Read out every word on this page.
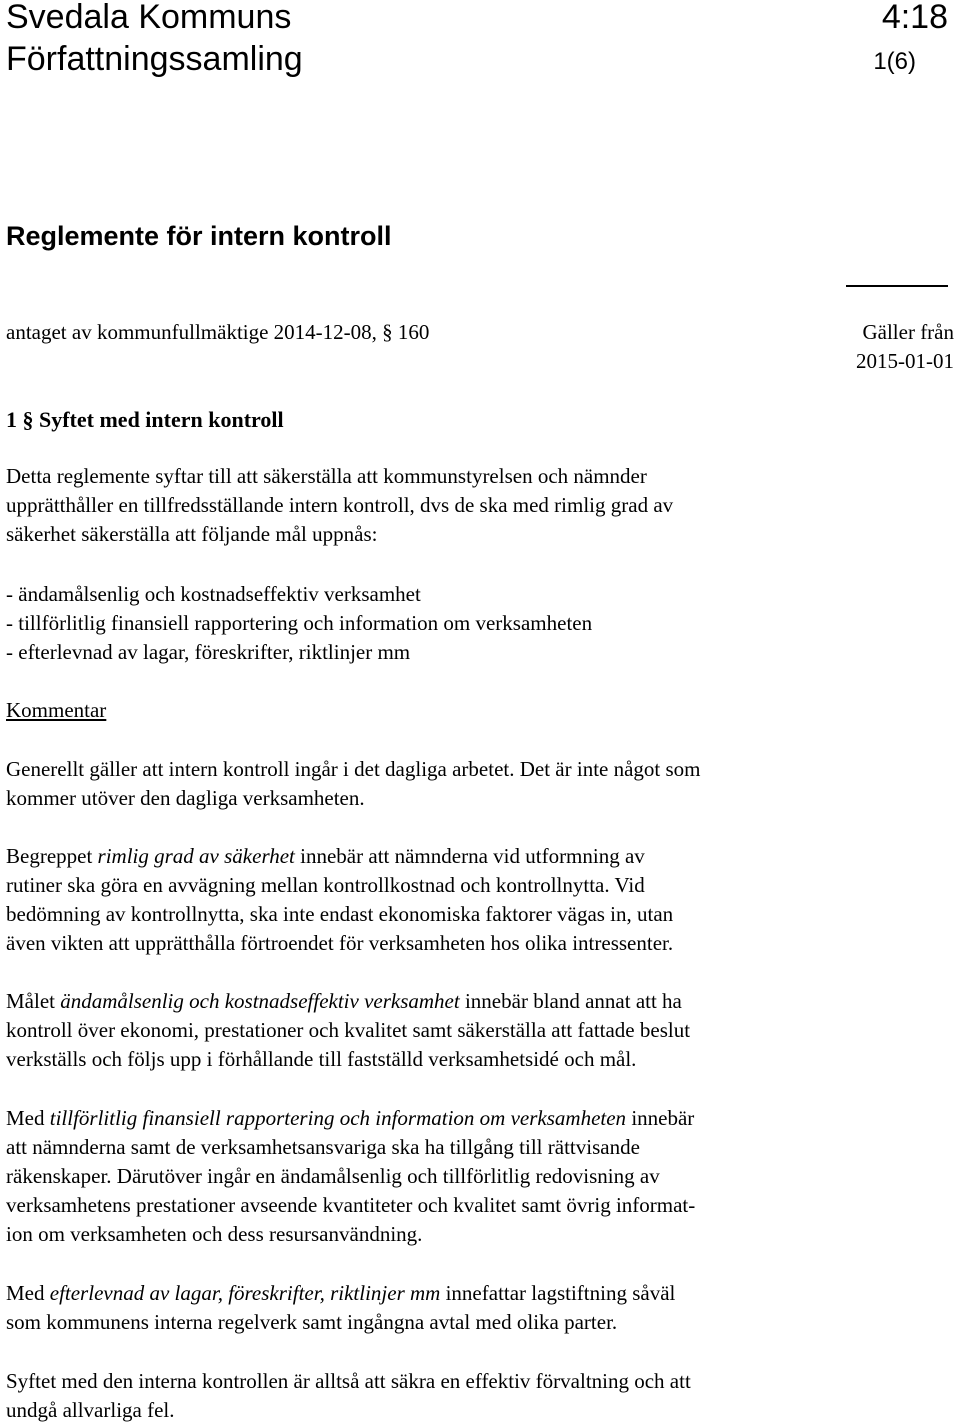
Svedala Kommuns	4:18
Författningssamling	1(6)
Reglemente för intern kontroll
antaget av kommunfullmäktige 2014-12-08, § 160	Gäller från
2015-01-01
1 § Syftet med intern kontroll
Detta reglemente syftar till att säkerställa att kommunstyrelsen och nämnder
upprätthåller en tillfredsställande intern kontroll, dvs de ska med rimlig grad av
säkerhet säkerställa att följande mål uppnås:
- ändamålsenlig och kostnadseffektiv verksamhet
- tillförlitlig finansiell rapportering och information om verksamheten
- efterlevnad av lagar, föreskrifter, riktlinjer mm
Kommentar
Generellt gäller att intern kontroll ingår i det dagliga arbetet. Det är inte något som
kommer utöver den dagliga verksamheten.
Begreppet rimlig grad av säkerhet innebär att nämnderna vid utformning av
rutiner ska göra en avvägning mellan kontrollkostnad och kontrollnytta. Vid
bedömning av kontrollnytta, ska inte endast ekonomiska faktorer vägas in, utan
även vikten att upprätthålla förtroendet för verksamheten hos olika intressenter.
Målet ändamålsenlig och kostnadseffektiv verksamhet innebär bland annat att ha
kontroll över ekonomi, prestationer och kvalitet samt säkerställa att fattade beslut
verkställs och följs upp i förhållande till fastställd verksamhetsidé och mål.
Med tillförlitlig finansiell rapportering och information om verksamheten innebär
att nämnderna samt de verksamhetsansvariga ska ha tillgång till rättvisande
räkenskaper. Därutöver ingår en ändamålsenlig och tillförlitlig redovisning av
verksamhetens prestationer avseende kvantiteter och kvalitet samt övrig informat-
ion om verksamheten och dess resursanvändning.
Med efterlevnad av lagar, föreskrifter, riktlinjer mm innefattar lagstiftning såväl
som kommunens interna regelverk samt ingångna avtal med olika parter.
Syftet med den interna kontrollen är alltså att säkra en effektiv förvaltning och att
undgå allvarliga fel.
